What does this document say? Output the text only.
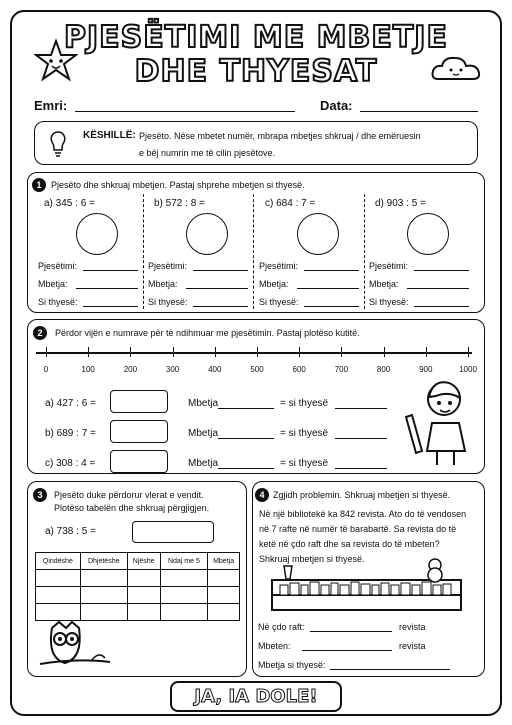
PJESËTIMI ME MBETJE
DHE THYESAT
Emri:	Data:
KËSHILLË: Pjesëto. Nëse mbetet numër, mbrapa mbetjes shkruaj / dhe emëruesin
e bëj numrin me të cilin pjesëtove.
1	Pjesëto dhe shkruaj mbetjen. Pastaj shprehe mbetjen si thyesë.
a) 345 : 6 =
Pjesëtimi:
Mbetja:
Si thyesë:
b) 572 : 8 =
Pjesëtimi:
Mbetja:
Si thyesë:
c) 684 : 7 =
Pjesëtimi:
Mbetja:
Si thyesë:
d) 903 : 5 =
Pjesëtimi:
Mbetja:
Si thyesë:
2	Përdor vijën e numrave për të ndihmuar me pjesëtimin. Pastaj plotëso kutitë.
0	100	200	300	400	500	600	700	800	900	1000
a) 427 : 6 =	Mbetja	= si thyesë
b) 689 : 7 =	Mbetja	= si thyesë
c) 308 : 4 =	Mbetja	= si thyesë
3	Pjesëto duke përdorur vlerat e vendit.
Plotëso tabelën dhe shkruaj përgjigjen.
a) 738 : 5 =
Qindëshe	Dhjetëshe	Njëshe	Ndaj me 5	Mbetja

4 Zgjidh problemin. Shkruaj mbetjen si thyesë.
Në një bibliotekë ka 842 revista. Ato do të vendosen
në 7 rafte në numër të barabartë. Sa revista do të
ketë në çdo raft dhe sa revista do të mbeten?
Shkruaj mbetjen si thyesë.
Në çdo raft:	revista
Mbeten:	revista
Mbetja si thyesë:
JA, IA DOLE!
